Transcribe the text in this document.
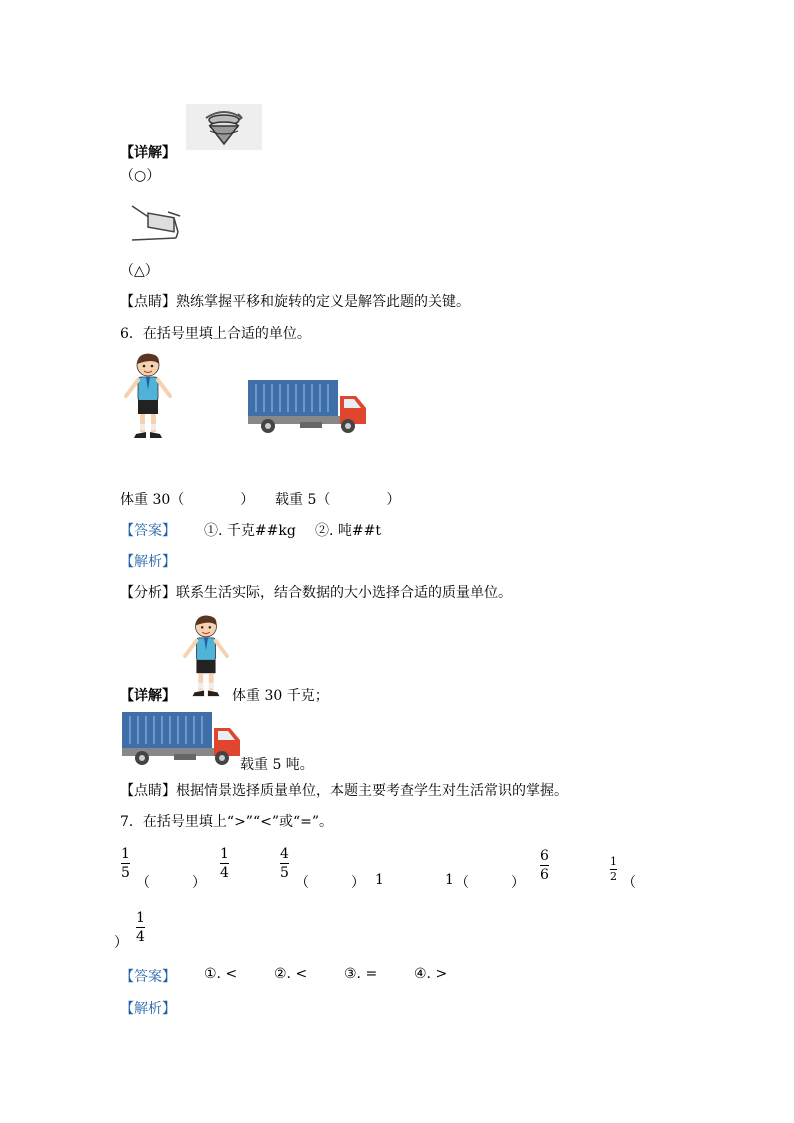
【详解】
（○）
（△）
【点睛】熟练掌握平移和旋转的定义是解答此题的关键。
6．在括号里填上合适的单位。
体重 30（　　　　） 载重 5（　　　　）
【答案】 ①. 千克##kg ②. 吨##t
【解析】
【分析】联系生活实际，结合数据的大小选择合适的质量单位。
【详解】	体重 30 千克；
载重 5 吨。
【点睛】根据情景选择质量单位，本题主要考查学生对生活常识的掌握。
7．在括号里填上“>”“<”或“=”。
1
5
（　　　）
1
4
4
5
（　　　） 1	1 （　　　）
6
6
1
2 （
）
1
4
【答案】 ①. <	②. <	③. =	④. >
【解析】
